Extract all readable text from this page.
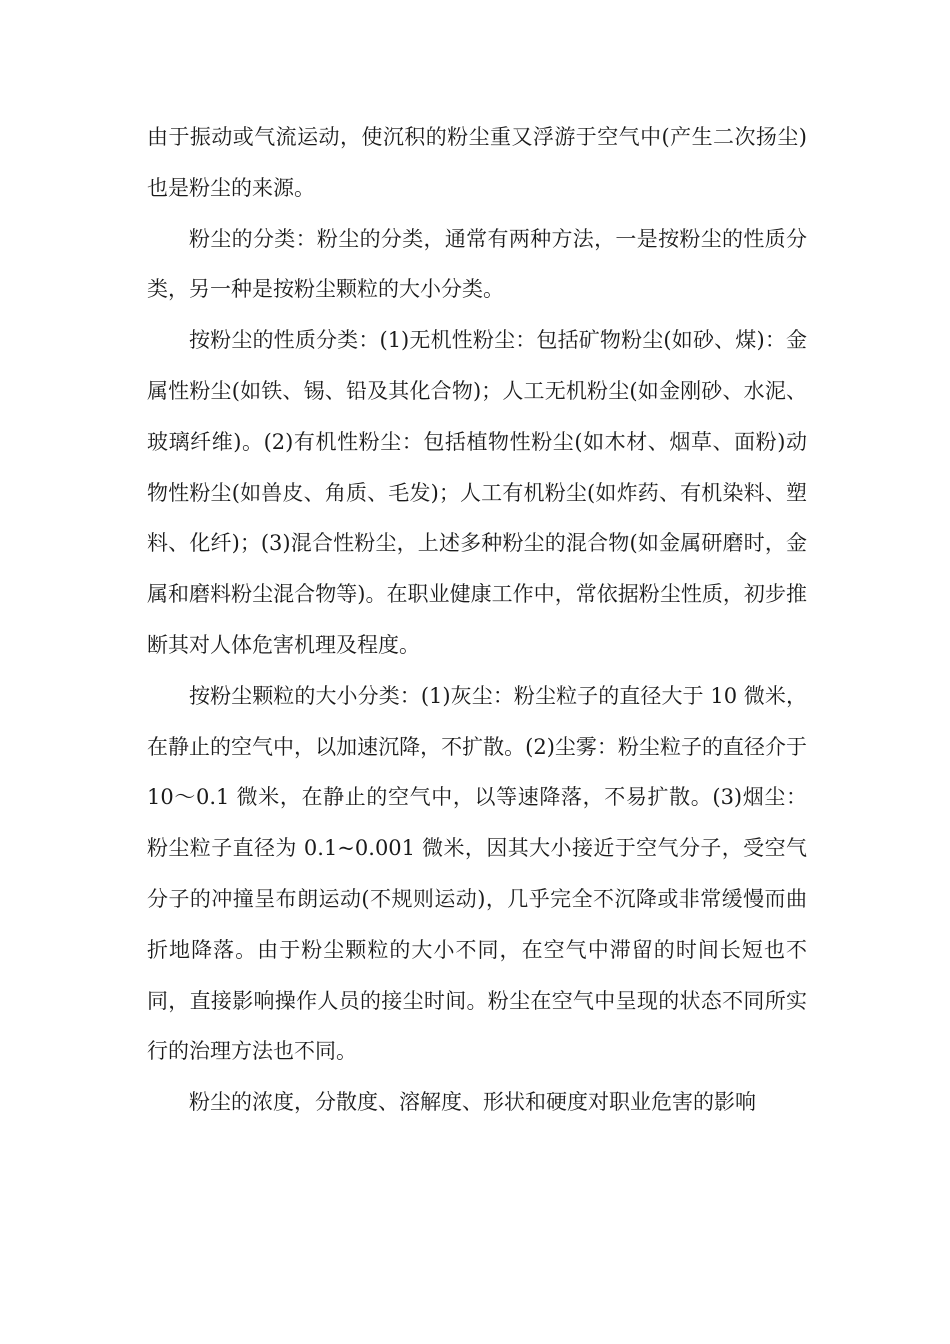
由于振动或气流运动，使沉积的粉尘重又浮游于空气中(产生二次扬尘)也是粉尘的来源。

粉尘的分类：粉尘的分类，通常有两种方法，一是按粉尘的性质分类，另一种是按粉尘颗粒的大小分类。

按粉尘的性质分类：(1)无机性粉尘：包括矿物粉尘(如砂、煤)：金属性粉尘(如铁、锡、铅及其化合物)；人工无机粉尘(如金刚砂、水泥、玻璃纤维)。(2)有机性粉尘：包括植物性粉尘(如木材、烟草、面粉)动物性粉尘(如兽皮、角质、毛发)；人工有机粉尘(如炸药、有机染料、塑料、化纤)；(3)混合性粉尘，上述多种粉尘的混合物(如金属研磨时，金属和磨料粉尘混合物等)。在职业健康工作中，常依据粉尘性质，初步推断其对人体危害机理及程度。

按粉尘颗粒的大小分类：(1)灰尘：粉尘粒子的直径大于 10 微米，在静止的空气中，以加速沉降，不扩散。(2)尘雾：粉尘粒子的直径介于 10～0.1 微米，在静止的空气中，以等速降落，不易扩散。(3)烟尘：粉尘粒子直径为 0.1~0.001 微米，因其大小接近于空气分子，受空气分子的冲撞呈布朗运动(不规则运动)，几乎完全不沉降或非常缓慢而曲折地降落。由于粉尘颗粒的大小不同，在空气中滞留的时间长短也不同，直接影响操作人员的接尘时间。粉尘在空气中呈现的状态不同所实行的治理方法也不同。

粉尘的浓度，分散度、溶解度、形状和硬度对职业危害的影响
